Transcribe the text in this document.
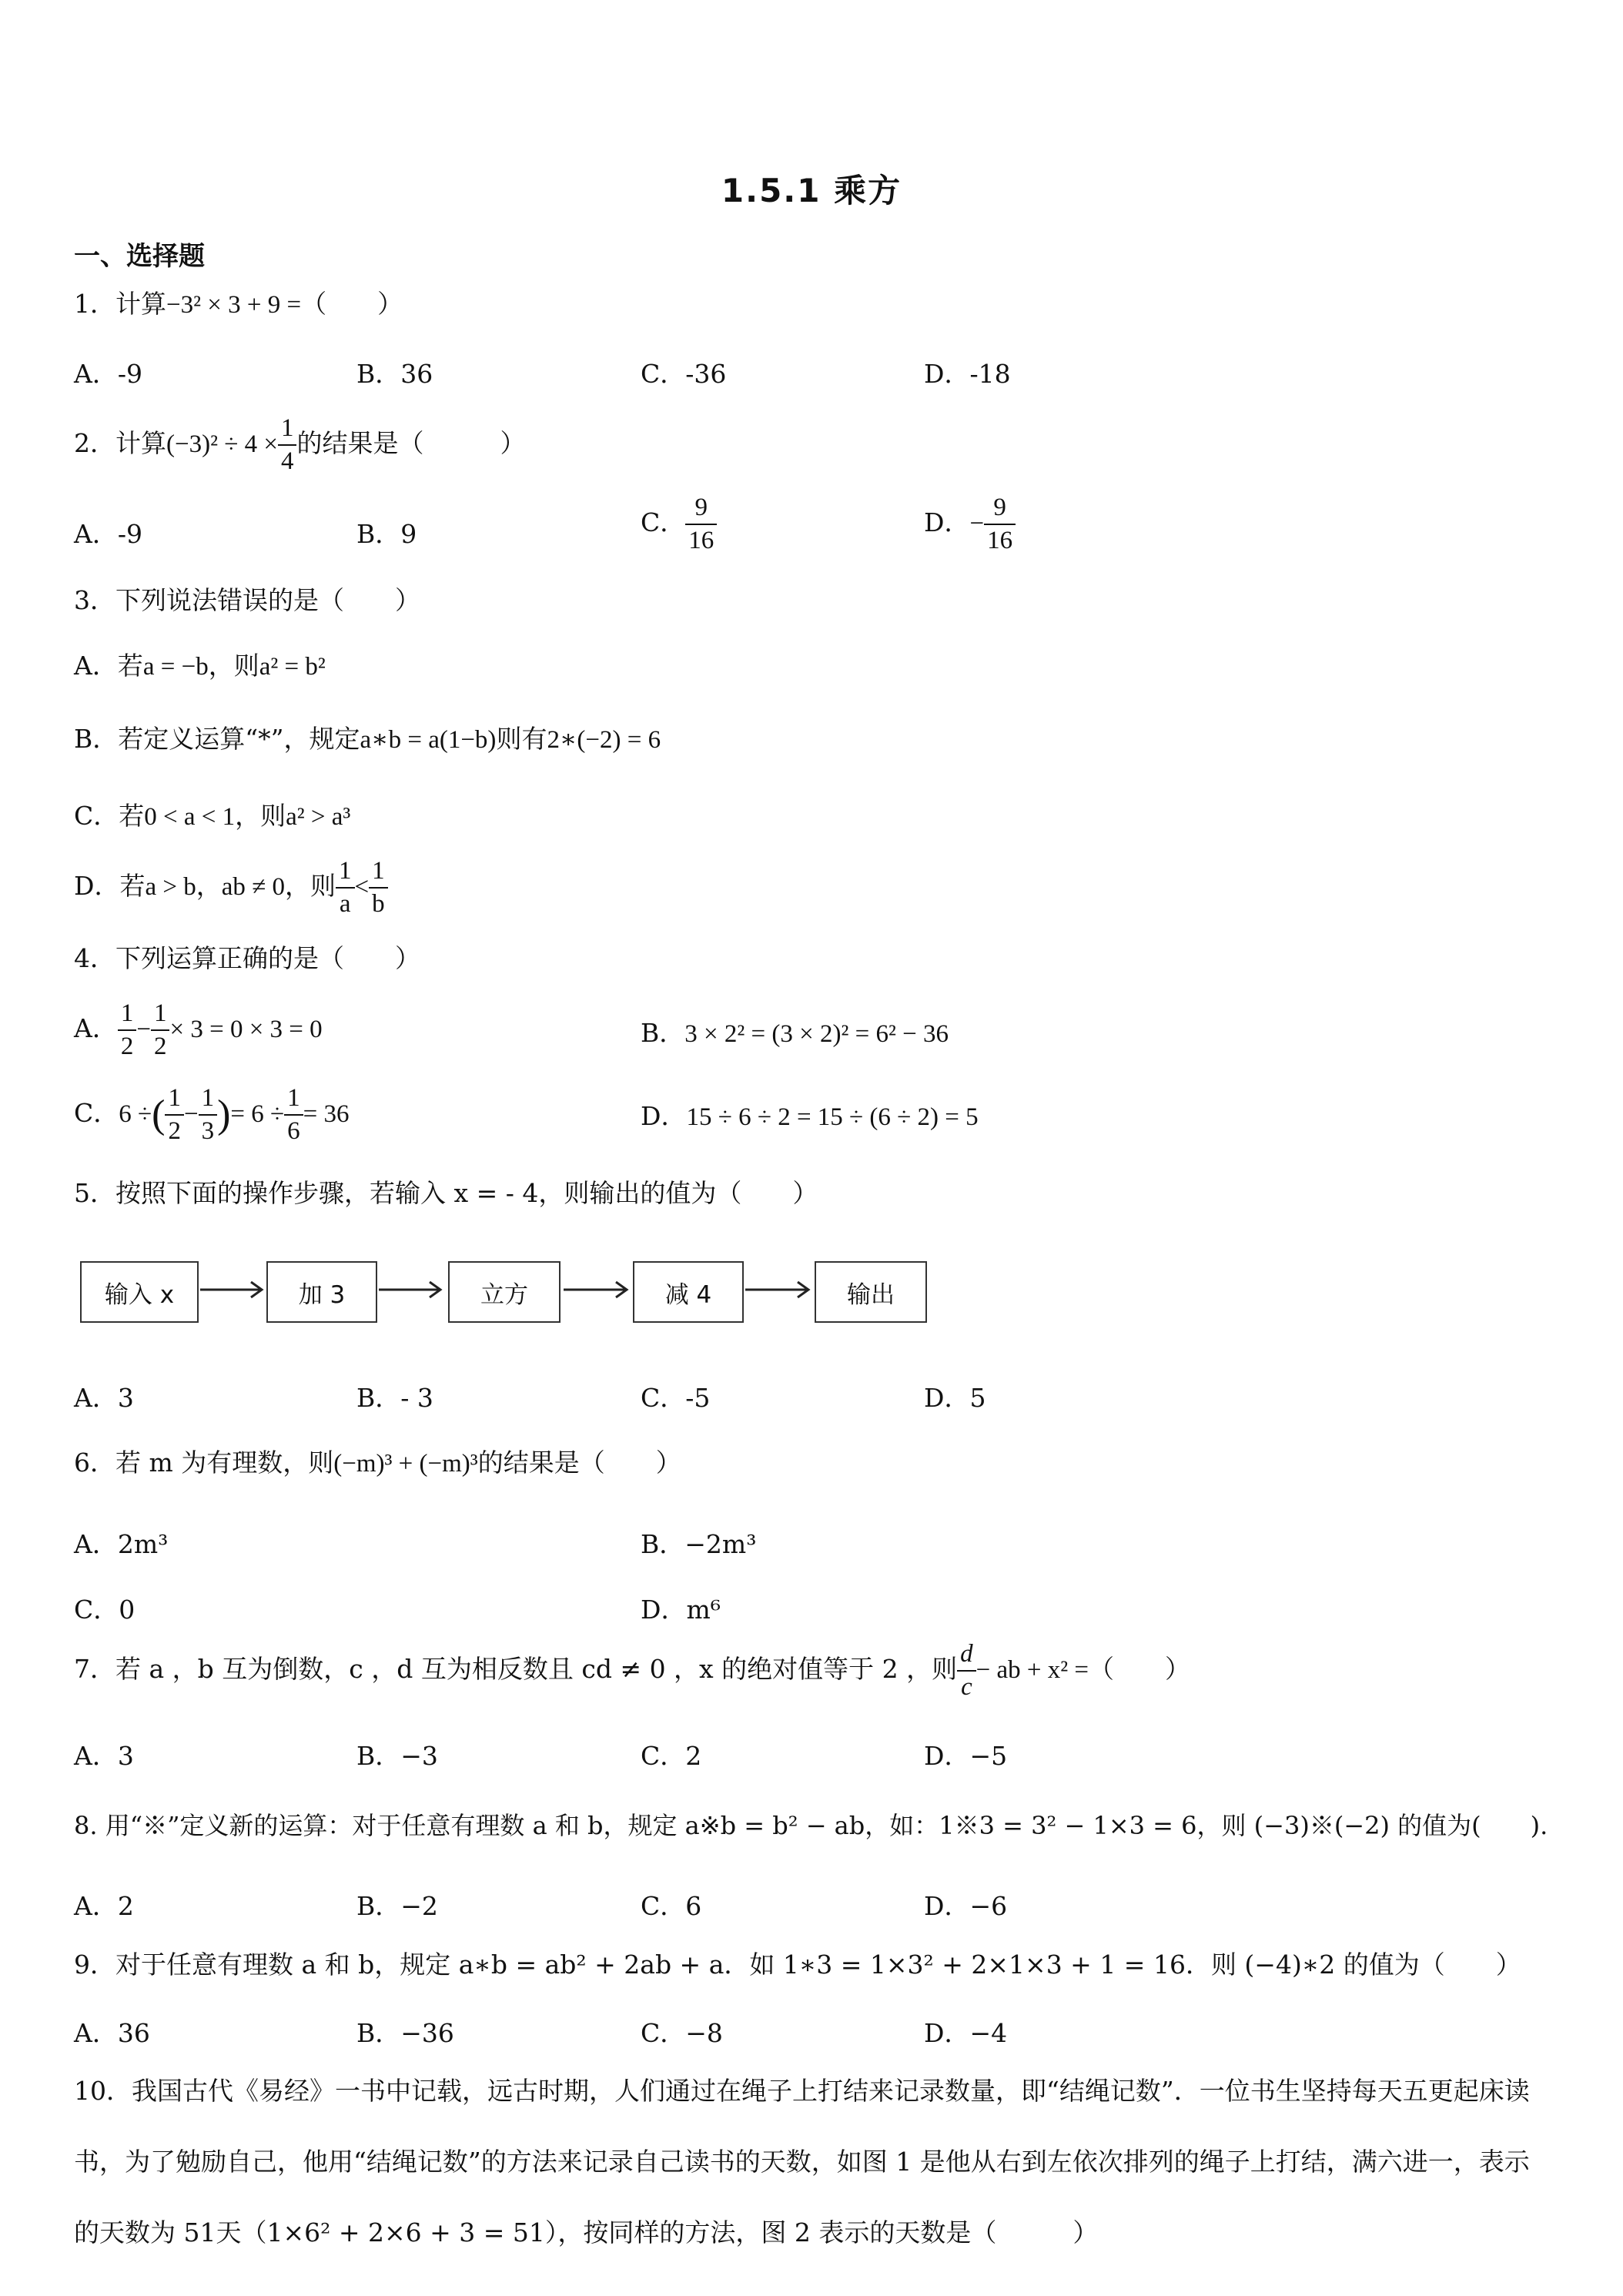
1.5.1 乘方
一、选择题
1．计算−3² × 3 + 9 =（　　）
A．-9	B．36	C．-36	D．-18
2．计算$(-3)^2 \div 4 \times \frac{1}{4}$ 的结果是（　　　）
A．-9	B．9	C． $\frac{9}{16}$	D．− $\frac{9}{16}$
3．下列说法错误的是（　　）
A．若a = −b，则a² = b²
B．若定义运算“*”，规定a∗b = a(1−b)则有2∗(−2) = 6
C．若0 < a < 1，则a² > a³
D．若a > b，ab ≠ 0，则 $\frac{1}{a} < \frac{1}{b}$
4．下列运算正确的是（　　）
A． $\frac{1}{2} - \frac{1}{2} \times 3 = 0 \times 3 = 0$	B．3 × 2² = (3 × 2)² = 6² − 36
C．6 ÷( $\frac{1}{2} - \frac{1}{3}$ )= $6 \div \frac{1}{6} = 36$	D．15 ÷ 6 ÷ 2 = 15 ÷ (6 ÷ 2) = 5
5．按照下面的操作步骤，若输入 x = - 4，则输出的值为（　　）
输入 x	加 3	立方	减 4	输出
A．3	B．- 3	C．-5	D．5
6．若 m 为有理数，则(−m)³ + (−m)³的结果是（　　）
A．2m³	B．−2m³
C．0	D．m⁶
7．若 a ，b 互为倒数，c ，d 互为相反数且 cd ≠ 0 ，x 的绝对值等于 2 ，则 $\frac{d}{c}$ − ab + x² =（　　）
A．3	B．−3	C．2	D．−5
8. 用“※”定义新的运算：对于任意有理数 a 和 b，规定 a※b = b² − ab，如：1※3 = 3² − 1×3 = 6，则 (−3)※(−2) 的值为(　　).
A．2	B．−2	C．6	D．−6
9．对于任意有理数 a 和 b，规定 a∗b = ab² + 2ab + a．如 1∗3 = 1×3² + 2×1×3 + 1 = 16．则 (−4)∗2 的值为（　　）
A．36	B．−36	C．−8	D．−4
10．我国古代《易经》一书中记载，远古时期，人们通过在绳子上打结来记录数量，即“结绳记数”．一位书生坚持每天五更起床读书，为了勉励自己，他用“结绳记数”的方法来记录自己读书的天数，如图 1 是他从右到左依次排列的绳子上打结，满六进一，表示的天数为 51天（1×6² + 2×6 + 3 = 51），按同样的方法，图 2 表示的天数是（　　　）
